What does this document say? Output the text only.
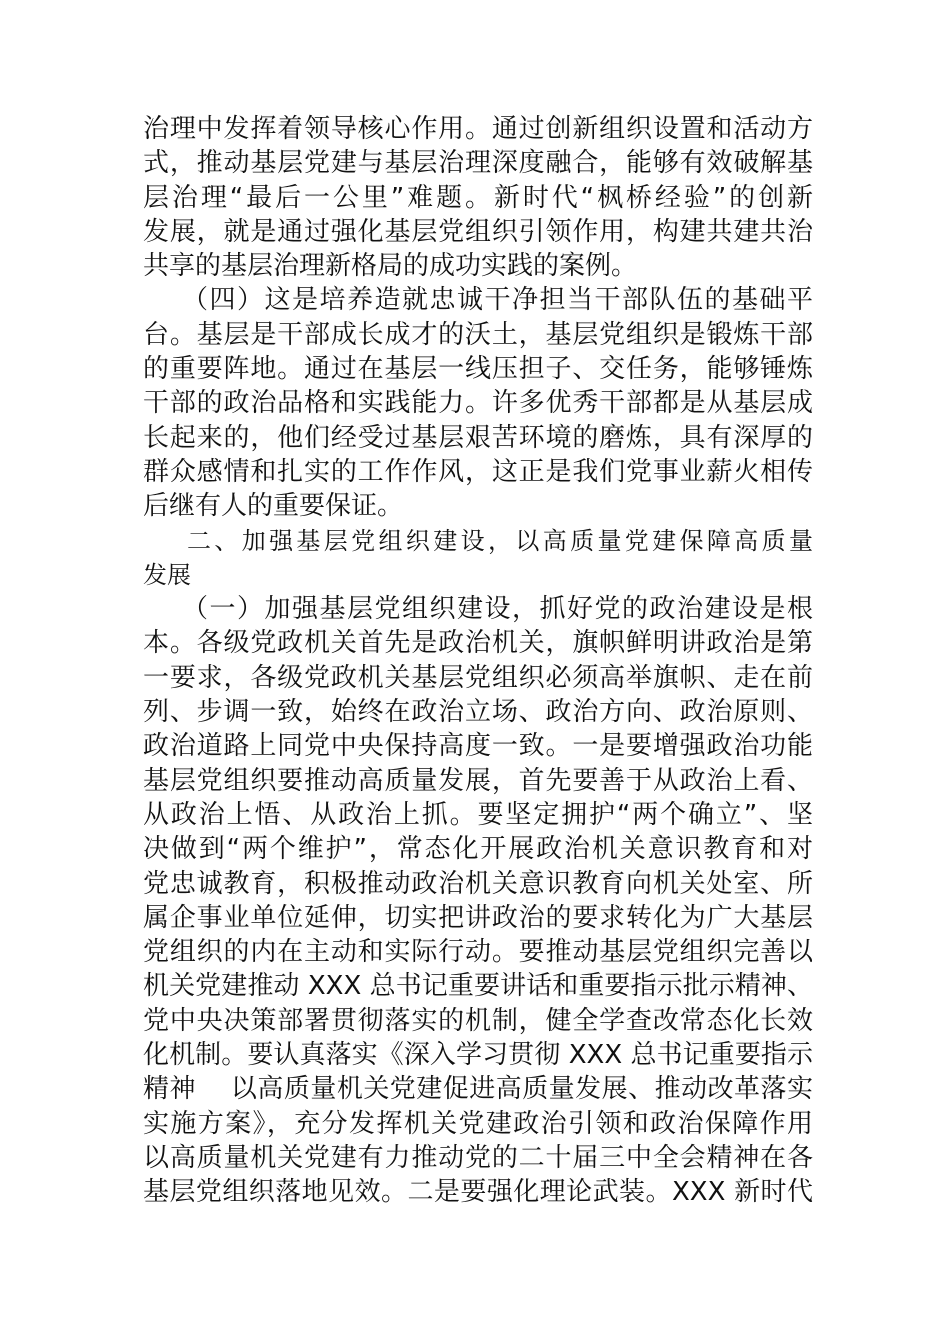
治理中发挥着领导核心作用。通过创新组织设置和活动方
式，推动基层党建与基层治理深度融合，能够有效破解基
层治理“最后一公里”难题。新时代“枫桥经验”的创新
发展，就是通过强化基层党组织引领作用，构建共建共治
共享的基层治理新格局的成功实践的案例。
（四）这是培养造就忠诚干净担当干部队伍的基础平
台。基层是干部成长成才的沃土，基层党组织是锻炼干部
的重要阵地。通过在基层一线压担子、交任务，能够锤炼
干部的政治品格和实践能力。许多优秀干部都是从基层成
长起来的，他们经受过基层艰苦环境的磨炼，具有深厚的
群众感情和扎实的工作作风，这正是我们党事业薪火相传
后继有人的重要保证。
二、加强基层党组织建设，以高质量党建保障高质量
发展
（一）加强基层党组织建设，抓好党的政治建设是根
本。各级党政机关首先是政治机关，旗帜鲜明讲政治是第
一要求，各级党政机关基层党组织必须高举旗帜、走在前
列、步调一致，始终在政治立场、政治方向、政治原则、
政治道路上同党中央保持高度一致。一是要增强政治功能
基层党组织要推动高质量发展，首先要善于从政治上看、
从政治上悟、从政治上抓。要坚定拥护“两个确立”、坚
决做到“两个维护”，常态化开展政治机关意识教育和对
党忠诚教育，积极推动政治机关意识教育向机关处室、所
属企事业单位延伸，切实把讲政治的要求转化为广大基层
党组织的内在主动和实际行动。要推动基层党组织完善以
机关党建推动 XXX 总书记重要讲话和重要指示批示精神、
党中央决策部署贯彻落实的机制，健全学查改常态化长效
化机制。要认真落实《深入学习贯彻 XXX 总书记重要指示
精神    以高质量机关党建促进高质量发展、推动改革落实
实施方案》，充分发挥机关党建政治引领和政治保障作用
以高质量机关党建有力推动党的二十届三中全会精神在各
基层党组织落地见效。二是要强化理论武装。XXX 新时代
